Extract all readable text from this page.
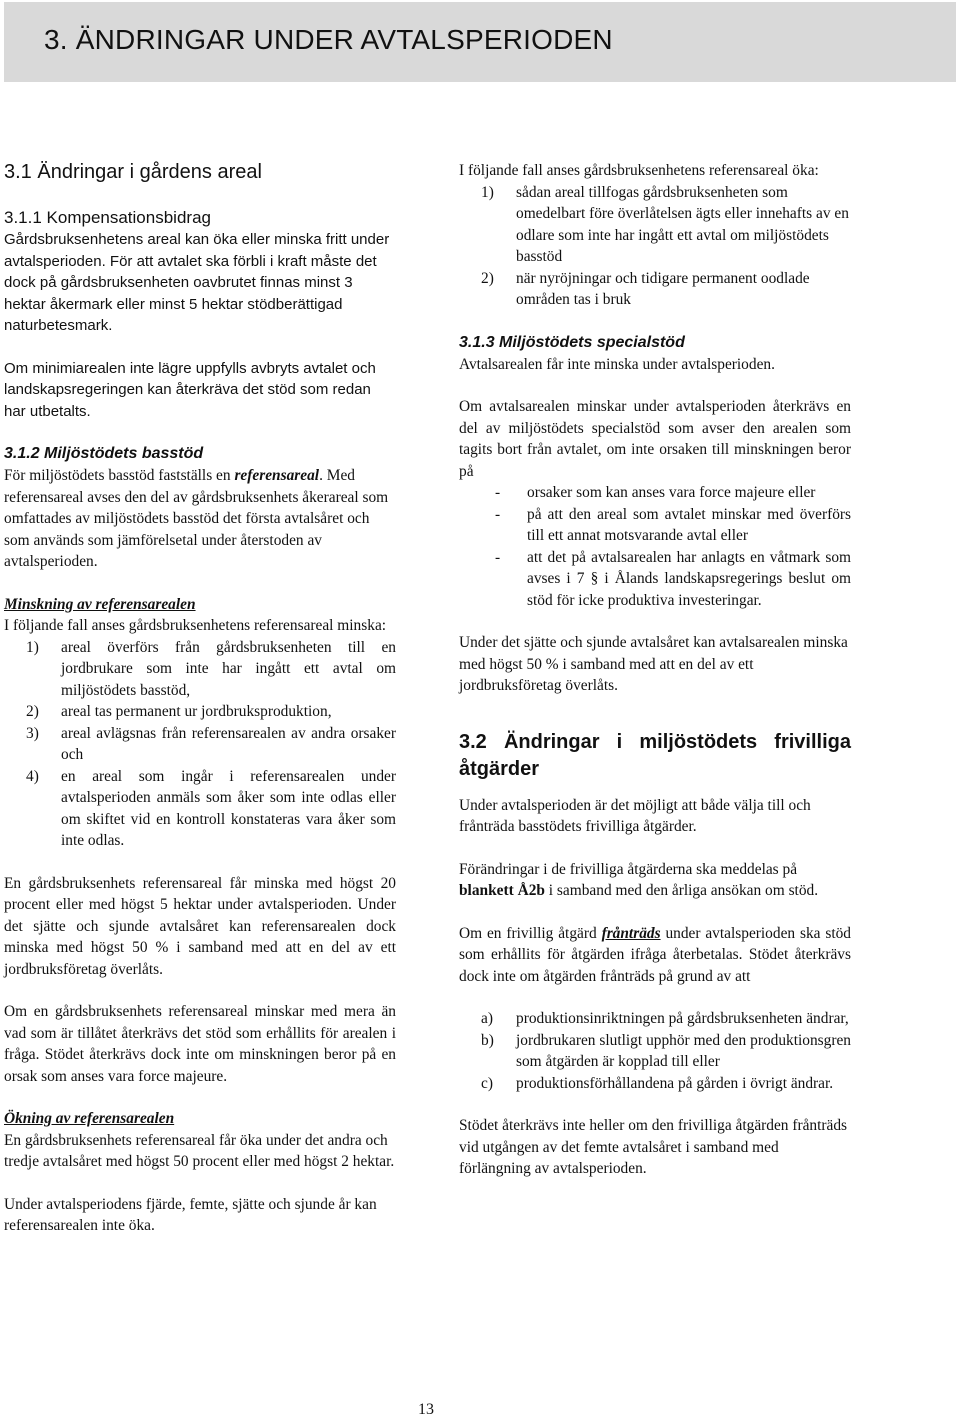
3. ÄNDRINGAR UNDER AVTALSPERIODEN
3.1 Ändringar i gårdens areal
3.1.1 Kompensationsbidrag

Gårdsbruksenhetens areal kan öka eller minska fritt under avtalsperioden. För att avtalet ska förbli i kraft måste det dock på gårdsbruksenheten oavbrutet finnas minst 3 hektar åkermark eller minst 5 hektar stödberättigad naturbetesmark.

Om minimiarealen inte lägre uppfylls avbryts avtalet och landskapsregeringen kan återkräva det stöd som redan har utbetalts.

3.1.2 Miljöstödets basstöd

För miljöstödets basstöd fastställs en referensareal. Med referensareal avses den del av gårdsbruksenhets åkerareal som omfattades av miljöstödets basstöd det första avtalsåret och som används som jämförelsetal under återstoden av avtalsperioden.

Minskning av referensarealen

I följande fall anses gårdsbruksenhetens referensareal minska:

1) areal överförs från gårdsbruksenheten till en jordbrukare som inte har ingått ett avtal om miljöstödets basstöd,
2) areal tas permanent ur jordbruksproduktion,
3) areal avlägsnas från referensarealen av andra orsaker och
4) en areal som ingår i referensarealen under avtalsperioden anmäls som åker som inte odlas eller om skiftet vid en kontroll konstateras vara åker som inte odlas.

En gårdsbruksenhets referensareal får minska med högst 20 procent eller med högst 5 hektar under avtalsperioden. Under det sjätte och sjunde avtalsåret kan referensarealen dock minska med högst 50 % i samband med att en del av ett jordbruksföretag överlåts.

Om en gårdsbruksenhets referensareal minskar med mera än vad som är tillåtet återkrävs det stöd som erhållits för arealen i fråga. Stödet återkrävs dock inte om minskningen beror på en orsak som anses vara force majeure.

Ökning av referensarealen

En gårdsbruksenhets referensareal får öka under det andra och tredje avtalsåret med högst 50 procent eller med högst 2 hektar.

Under avtalsperiodens fjärde, femte, sjätte och sjunde år kan referensarealen inte öka.

I följande fall anses gårdsbruksenhetens referensareal öka:

1) sådan areal tillfogas gårdsbruksenheten som omedelbart före överlåtelsen ägts eller innehafts av en odlare som inte har ingått ett avtal om miljöstödets basstöd
2) när nyröjningar och tidigare permanent oodlade områden tas i bruk
3.1.3 Miljöstödets specialstöd

Avtalsarealen får inte minska under avtalsperioden.

Om avtalsarealen minskar under avtalsperioden återkrävs en del av miljöstödets specialstöd som avser den arealen som tagits bort från avtalet, om inte orsaken till minskningen beror på

- orsaker som kan anses vara force majeure eller
- på att den areal som avtalet minskar med överförs till ett annat motsvarande avtal eller
- att det på avtalsarealen har anlagts en våtmark som avses i 7 § i Ålands landskapsregerings beslut om stöd för icke produktiva investeringar.

Under det sjätte och sjunde avtalsåret kan avtalsarealen minska med högst 50 % i samband med att en del av ett jordbruksföretag överlåts.

3.2 Ändringar i miljöstödets frivilliga åtgärder

Under avtalsperioden är det möjligt att både välja till och frånträda basstödets frivilliga åtgärder.

Förändringar i de frivilliga åtgärderna ska meddelas på blankett Å2b i samband med den årliga ansökan om stöd.

Om en frivillig åtgärd frånträds under avtalsperioden ska stöd som erhållits för åtgärden ifråga återbetalas. Stödet återkrävs dock inte om åtgärden frånträds på grund av att

a) produktionsinriktningen på gårdsbruksenheten ändrar,
b) jordbrukaren slutligt upphör med den produktionsgren som åtgärden är kopplad till eller
c) produktionsförhållandena på gården i övrigt ändrar.

Stödet återkrävs inte heller om den frivilliga åtgärden frånträds vid utgången av det femte avtalsåret i samband med förlängning av avtalsperioden.

13
